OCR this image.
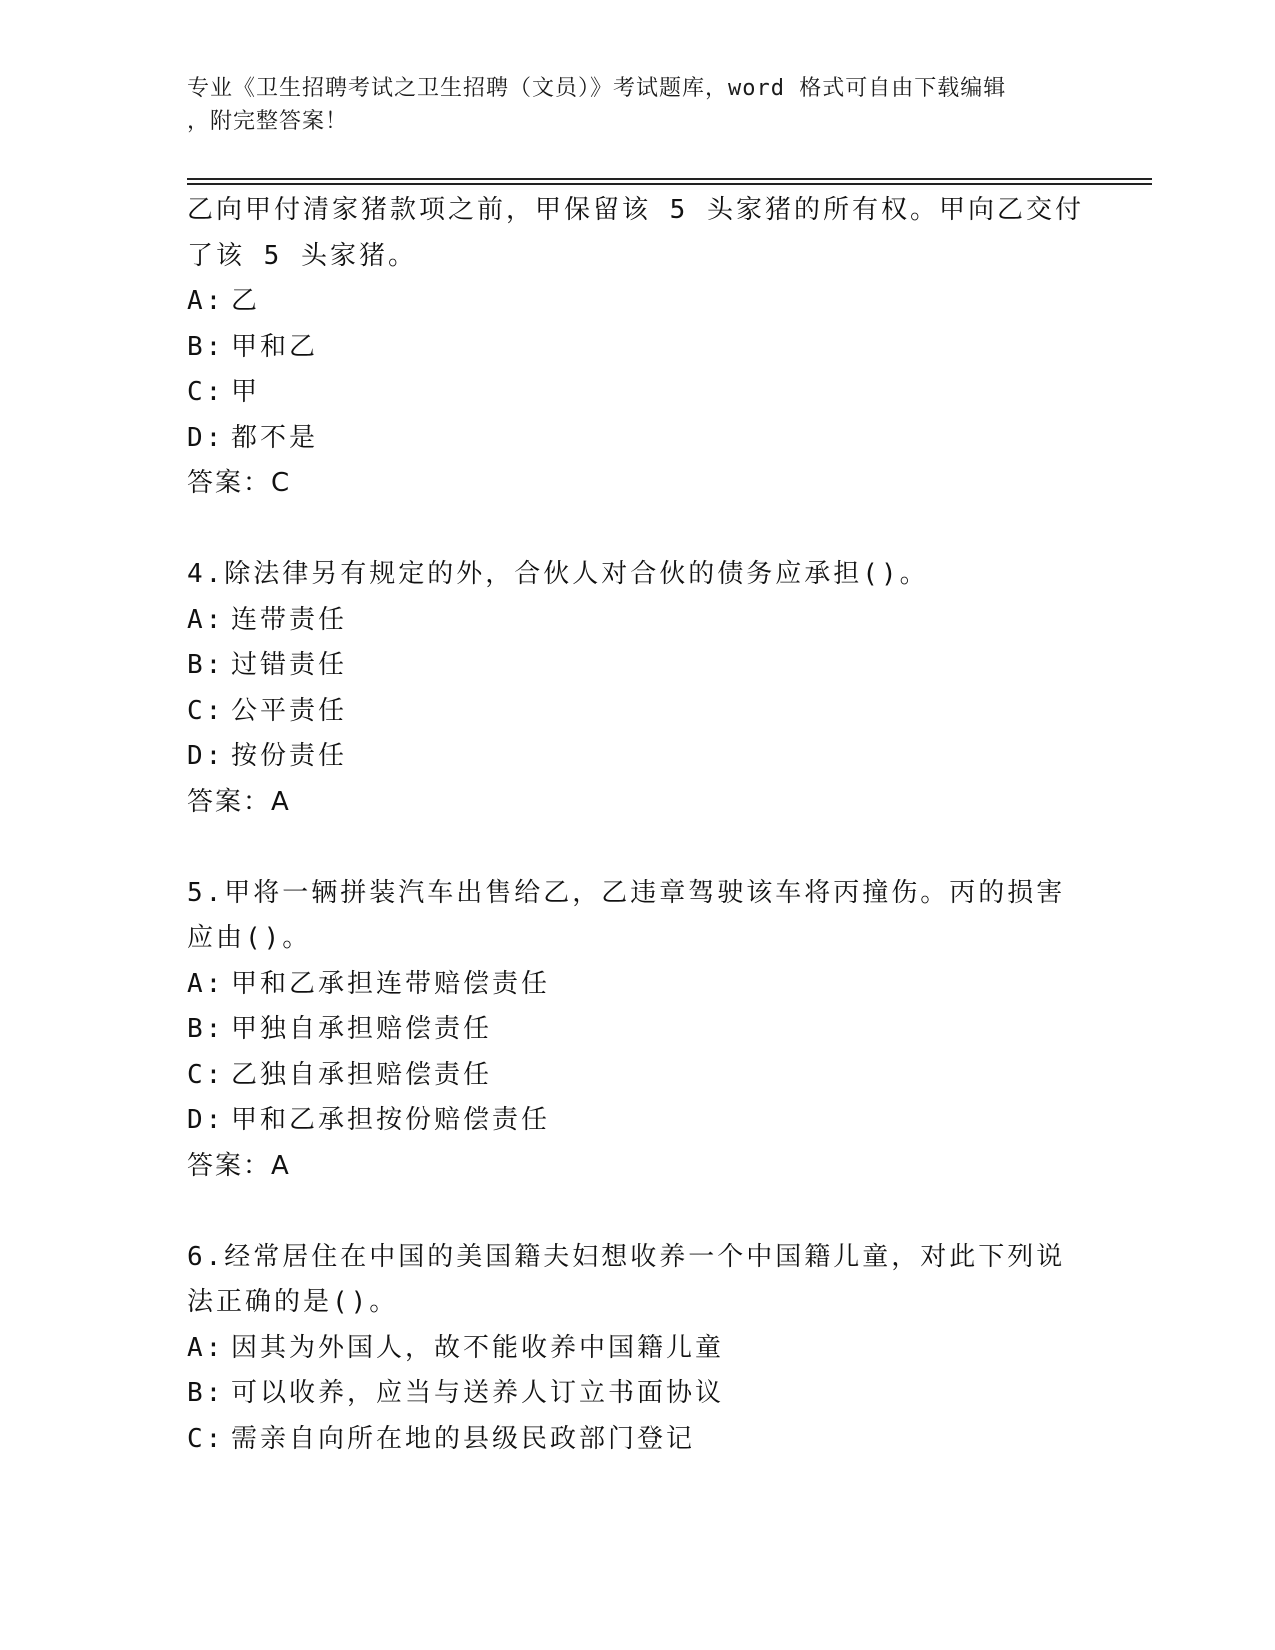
专业《卫生招聘考试之卫生招聘（文员）》考试题库，word 格式可自由下载编辑
，附完整答案！
乙向甲付清家猪款项之前，甲保留该 5 头家猪的所有权。甲向乙交付
了该 5 头家猪。
A: 乙
B: 甲和乙
C: 甲
D: 都不是
答案：C
4.除法律另有规定的外，合伙人对合伙的债务应承担()。
A: 连带责任
B: 过错责任
C: 公平责任
D: 按份责任
答案：A
5.甲将一辆拼装汽车出售给乙，乙违章驾驶该车将丙撞伤。丙的损害
应由()。
A: 甲和乙承担连带赔偿责任
B: 甲独自承担赔偿责任
C: 乙独自承担赔偿责任
D: 甲和乙承担按份赔偿责任
答案：A
6.经常居住在中国的美国籍夫妇想收养一个中国籍儿童，对此下列说
法正确的是()。
A: 因其为外国人，故不能收养中国籍儿童
B: 可以收养，应当与送养人订立书面协议
C: 需亲自向所在地的县级民政部门登记
